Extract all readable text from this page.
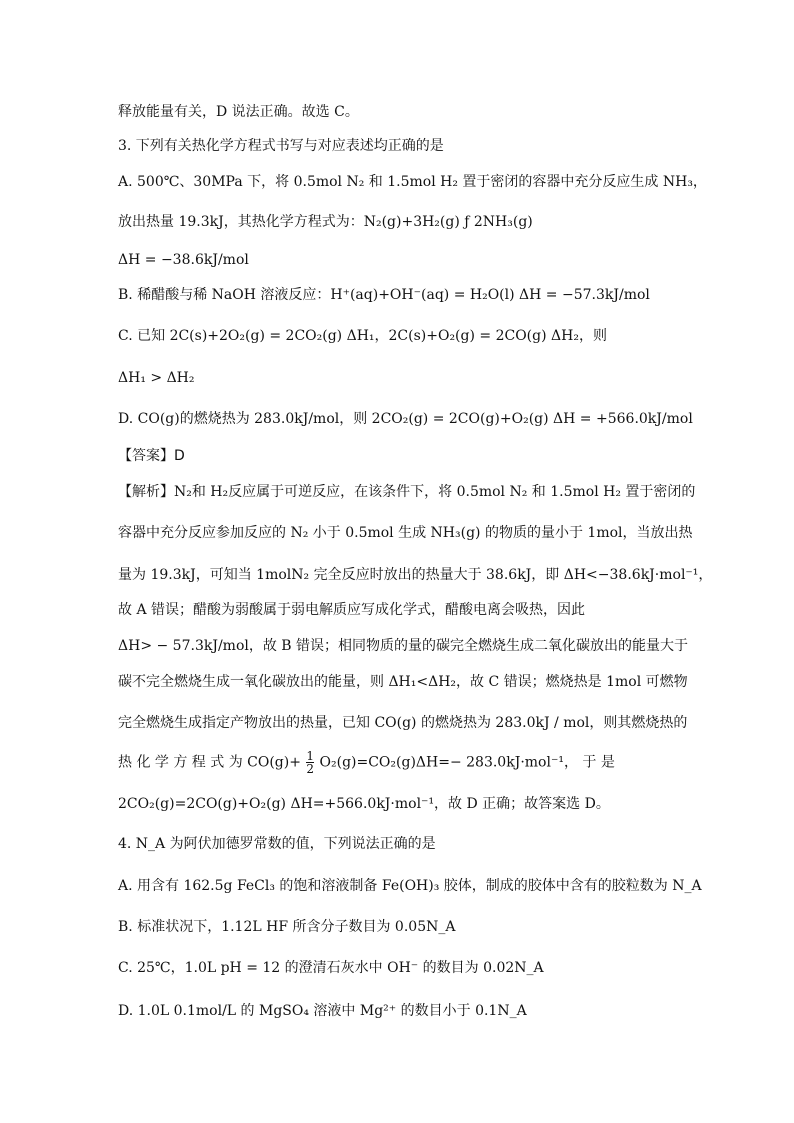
释放能量有关，D 说法正确。故选 C。
3. 下列有关热化学方程式书写与对应表述均正确的是
A. 500℃、30MPa 下，将 0.5mol N₂ 和 1.5mol H₂ 置于密闭的容器中充分反应生成 NH₃，
放出热量 19.3kJ，其热化学方程式为：N₂(g)+3H₂(g) ƒ 2NH₃(g)
ΔH = −38.6kJ/mol
B. 稀醋酸与稀 NaOH 溶液反应：H⁺(aq)+OH⁻(aq) = H₂O(l) ΔH = −57.3kJ/mol
C. 已知 2C(s)+2O₂(g) = 2CO₂(g) ΔH₁，2C(s)+O₂(g) = 2CO(g) ΔH₂，则
ΔH₁ > ΔH₂
D. CO(g)的燃烧热为 283.0kJ/mol，则 2CO₂(g) = 2CO(g)+O₂(g) ΔH = +566.0kJ/mol
【答案】D
【解析】N₂和 H₂反应属于可逆反应，在该条件下，将 0.5mol N₂ 和 1.5mol H₂ 置于密闭的
容器中充分反应参加反应的 N₂ 小于 0.5mol 生成 NH₃(g) 的物质的量小于 1mol，当放出热
量为 19.3kJ，可知当 1molN₂ 完全反应时放出的热量大于 38.6kJ，即 ΔH<−38.6kJ·mol⁻¹，
故 A 错误；醋酸为弱酸属于弱电解质应写成化学式，醋酸电离会吸热，因此
ΔH> − 57.3kJ/mol，故 B 错误；相同物质的量的碳完全燃烧生成二氧化碳放出的能量大于
碳不完全燃烧生成一氧化碳放出的能量，则 ΔH₁<ΔH₂，故 C 错误；燃烧热是 1mol 可燃物
完全燃烧生成指定产物放出的热量，已知 CO(g) 的燃烧热为 283.0kJ / mol，则其燃烧热的
热 化 学 方 程 式 为 $CO(g)+ \frac{1}{2} O_2(g)=CO_2(g)\Delta H=- 283.0kJ\cdot mol^{-1}$， 于 是
2CO₂(g)=2CO(g)+O₂(g) ΔH=+566.0kJ·mol⁻¹，故 D 正确；故答案选 D。
4. N_A 为阿伏加德罗常数的值，下列说法正确的是
A. 用含有 162.5g FeCl₃ 的饱和溶液制备 Fe(OH)₃ 胶体，制成的胶体中含有的胶粒数为 N_A
B. 标准状况下，1.12L HF 所含分子数目为 0.05N_A
C. 25℃，1.0L pH = 12 的澄清石灰水中 OH⁻ 的数目为 0.02N_A
D. 1.0L 0.1mol/L 的 MgSO₄ 溶液中 Mg²⁺ 的数目小于 0.1N_A
